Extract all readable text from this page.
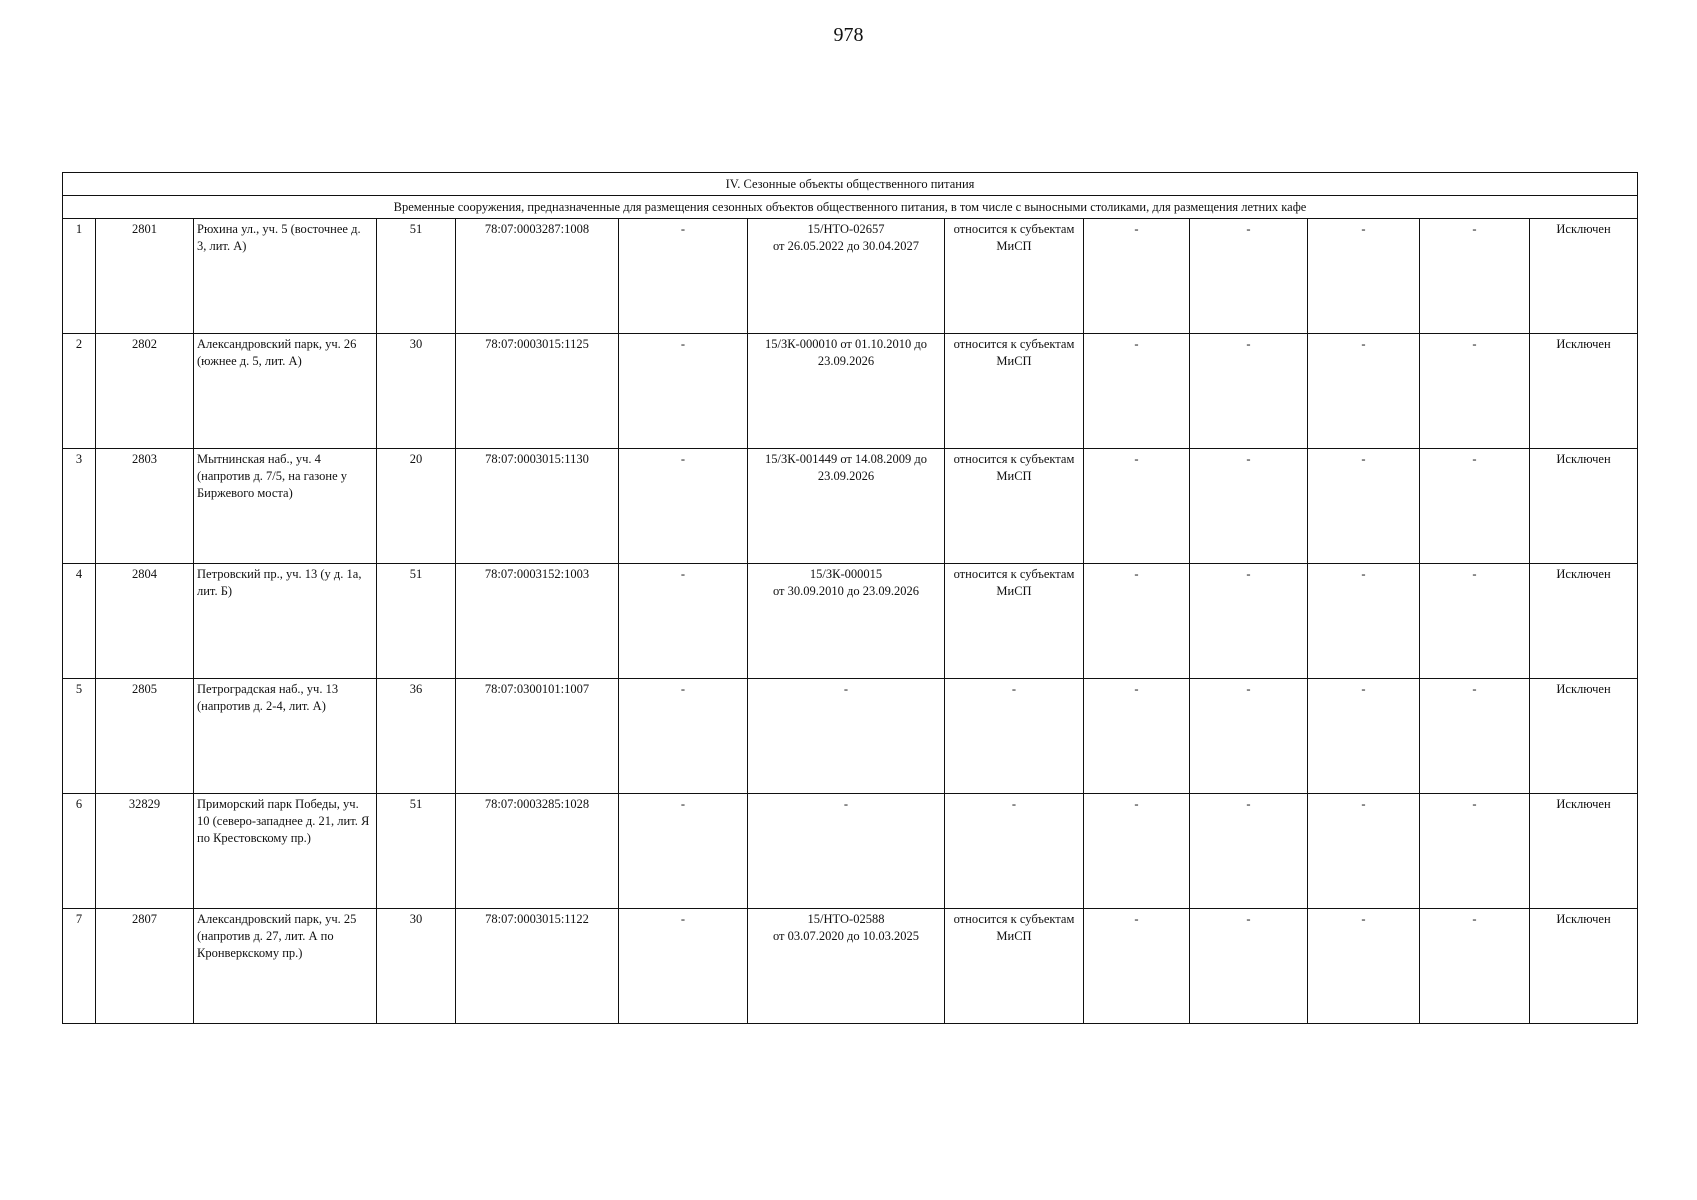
978
IV. Сезонные объекты общественного питания												
Временные сооружения, предназначенные для размещения сезонных объектов общественного питания, в том числе с выносными столиками, для размещения летних кафе												
1	2801	Рюхина ул., уч. 5 (восточнее д. 3, лит. А)	51	78:07:0003287:1008	-	15/НТО-02657
от 26.05.2022 до 30.04.2027	относится к субъектам МиСП	-	-	-	-	Исключен
2	2802	Александровский парк, уч. 26 (южнее д. 5, лит. А)	30	78:07:0003015:1125	-	15/ЗК-000010 от 01.10.2010 до 23.09.2026	относится к субъектам МиСП	-	-	-	-	Исключен
3	2803	Мытнинская наб., уч. 4 (напротив д. 7/5, на газоне у Биржевого моста)	20	78:07:0003015:1130	-	15/ЗК-001449 от 14.08.2009 до 23.09.2026	относится к субъектам МиСП	-	-	-	-	Исключен
4	2804	Петровский пр., уч. 13 (у д. 1а, лит. Б)	51	78:07:0003152:1003	-	15/ЗК-000015
от 30.09.2010 до 23.09.2026	относится к субъектам МиСП	-	-	-	-	Исключен
5	2805	Петроградская наб., уч. 13 (напротив д. 2-4, лит. А)	36	78:07:0300101:1007	-	-	-	-	-	-	-	Исключен
6	32829	Приморский парк Победы, уч. 10 (северо-западнее д. 21, лит. Я по Крестовскому пр.)	51	78:07:0003285:1028	-	-	-	-	-	-	-	Исключен
7	2807	Александровский парк, уч. 25 (напротив д. 27, лит. А по Кронверкскому пр.)	30	78:07:0003015:1122	-	15/НТО-02588
от 03.07.2020 до 10.03.2025	относится к субъектам МиСП	-	-	-	-	Исключен
